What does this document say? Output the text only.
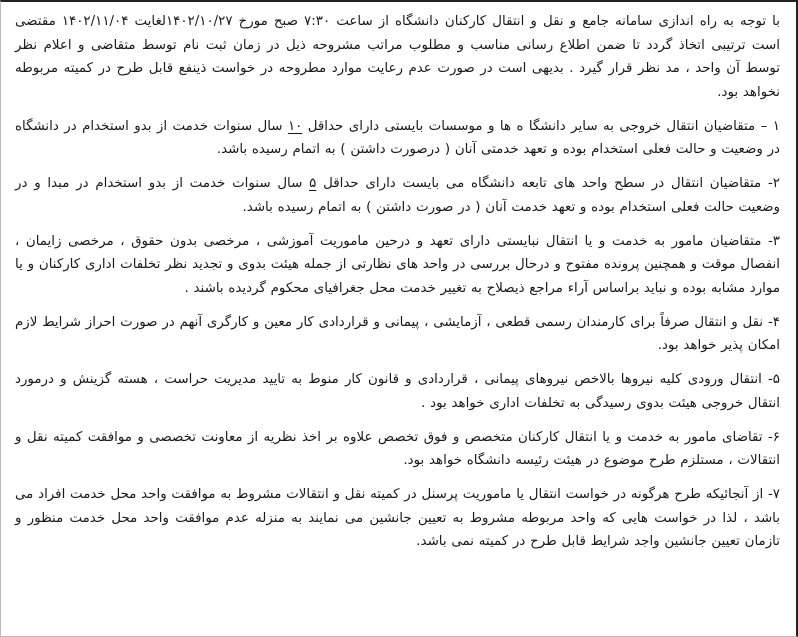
با توجه به راه اندازی سامانه جامع و نقل و انتقال کارکنان دانشگاه از ساعت ۷:۳۰ صبح مورخ ۱۴۰۲/۱۰/۲۷لغایت ۱۴۰۲/۱۱/۰۴ مقتضی است ترتیبی اتخاذ گردد تا ضمن اطلاع رسانی مناسب و مطلوب مراتب مشروحه ذیل در زمان ثبت نام توسط متقاضی و اعلام نظر توسط آن واحد ، مد نظر قرار گیرد . بدیهی است در صورت عدم رعایت موارد مطروحه در خواست ذینفع قابل طرح در کمیته مربوطه نخواهد بود.

۱ – متقاضیان انتقال خروجی به سایر دانشگا ه ها و موسسات بایستی دارای حداقل ۱۰ سال سنوات خدمت از بدو استخدام در دانشگاه در وضعیت و حالت فعلی استخدام بوده و تعهد خدمتی آنان ( درصورت داشتن ) به اتمام رسیده باشد.

۲- متقاضیان انتقال در سطح واحد های تابعه دانشگاه می بایست دارای حداقل ۵ سال سنوات خدمت از بدو استخدام در مبدا و در وضعیت حالت فعلی استخدام بوده و تعهد خدمت آنان ( در صورت داشتن ) به اتمام رسیده باشد.

۳- متقاضیان مامور به خدمت و یا انتقال نبایستی دارای تعهد و درحین ماموریت آموزشی ، مرخصی بدون حقوق ، مرخصی زایمان ، انفصال موقت و همچنین پرونده مفتوح و درحال بررسی در واحد های نظارتی از جمله هیئت بدوی و تجدید نظر تخلفات اداری کارکنان و یا موارد مشابه بوده و نباید براساس آراء مراجع ذیصلاح به تغییر خدمت محل جغرافیای محکوم گردیده باشند .

۴- نقل و انتقال صرفاً برای کارمندان رسمی قطعی ، آزمایشی ، پیمانی و قراردادی کار معین و کارگری آنهم در صورت احراز شرایط لازم امکان پذیر خواهد بود.

۵- انتقال ورودی کلیه نیروها بالاخص نیروهای پیمانی ، قراردادی و قانون کار منوط به تایید مدیریت حراست ، هسته گزینش و درمورد انتقال خروجی هیئت بدوی رسیدگی به تخلفات اداری خواهد بود .

۶- تقاضای مامور به خدمت و یا انتقال کارکنان متخصص و فوق تخصص علاوه بر اخذ نظریه از معاونت تخصصی و موافقت کمیته نقل و انتقالات ، مستلزم طرح موضوع در هیئت رئیسه دانشگاه خواهد بود.

۷- از آنجائیکه طرح هرگونه در خواست انتقال یا ماموریت پرسنل در کمیته نقل و انتقالات مشروط به موافقت واحد محل خدمت افراد می باشد ، لذا در خواست هایی که واحد مربوطه مشروط به تعیین جانشین می نمایند به منزله عدم موافقت واحد محل خدمت منظور و تازمان تعیین جانشین واجد شرایط قابل طرح در کمیته نمی باشد.
